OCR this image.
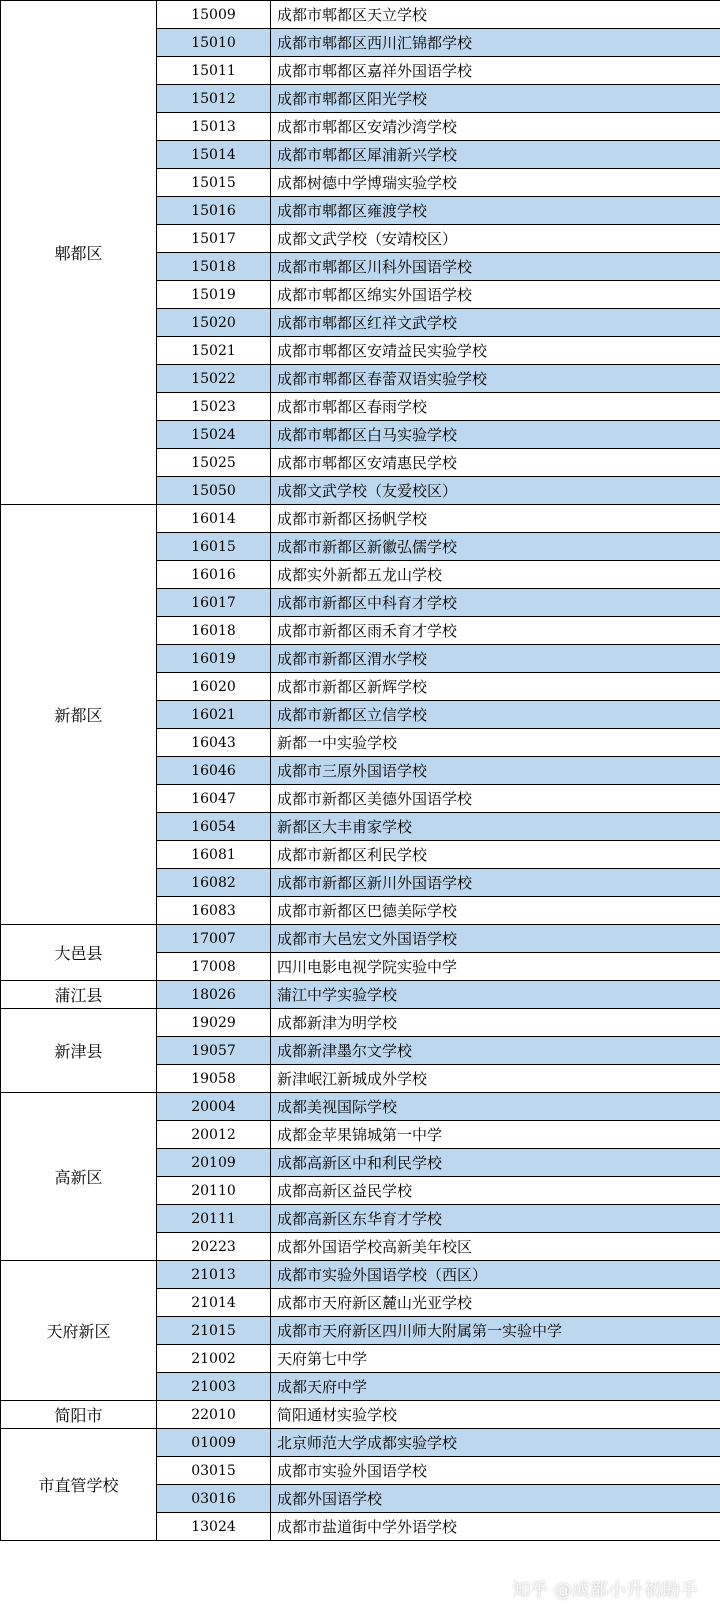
郫都区	15009	成都市郫都区天立学校
	15010	成都市郫都区西川汇锦都学校
	15011	成都市郫都区嘉祥外国语学校
	15012	成都市郫都区阳光学校
	15013	成都市郫都区安靖沙湾学校
	15014	成都市郫都区犀浦新兴学校
	15015	成都树德中学博瑞实验学校
	15016	成都市郫都区雍渡学校
	15017	成都文武学校（安靖校区）
	15018	成都市郫都区川科外国语学校
	15019	成都市郫都区绵实外国语学校
	15020	成都市郫都区红祥文武学校
	15021	成都市郫都区安靖益民实验学校
	15022	成都市郫都区春蕾双语实验学校
	15023	成都市郫都区春雨学校
	15024	成都市郫都区白马实验学校
	15025	成都市郫都区安靖惠民学校
	15050	成都文武学校（友爱校区）
新都区	16014	成都市新都区扬帆学校
	16015	成都市新都区新徽弘儒学校
	16016	成都实外新都五龙山学校
	16017	成都市新都区中科育才学校
	16018	成都市新都区雨禾育才学校
	16019	成都市新都区渭水学校
	16020	成都市新都区新辉学校
	16021	成都市新都区立信学校
	16043	新都一中实验学校
	16046	成都市三原外国语学校
	16047	成都市新都区美德外国语学校
	16054	新都区大丰甫家学校
	16081	成都市新都区利民学校
	16082	成都市新都区新川外国语学校
	16083	成都市新都区巴德美际学校
大邑县	17007	成都市大邑宏文外国语学校
	17008	四川电影电视学院实验中学
蒲江县	18026	蒲江中学实验学校
新津县	19029	成都新津为明学校
	19057	成都新津墨尔文学校
	19058	新津岷江新城成外学校
高新区	20004	成都美视国际学校
	20012	成都金苹果锦城第一中学
	20109	成都高新区中和利民学校
	20110	成都高新区益民学校
	20111	成都高新区东华育才学校
	20223	成都外国语学校高新美年校区
天府新区	21013	成都市实验外国语学校（西区）
	21014	成都市天府新区麓山光亚学校
	21015	成都市天府新区四川师大附属第一实验中学
	21002	天府第七中学
	21003	成都天府中学
简阳市	22010	简阳通材实验学校
市直管学校	01009	北京师范大学成都实验学校
	03015	成都市实验外国语学校
	03016	成都外国语学校
	13024	成都市盐道街中学外语学校
知乎 @成都小升初助手
